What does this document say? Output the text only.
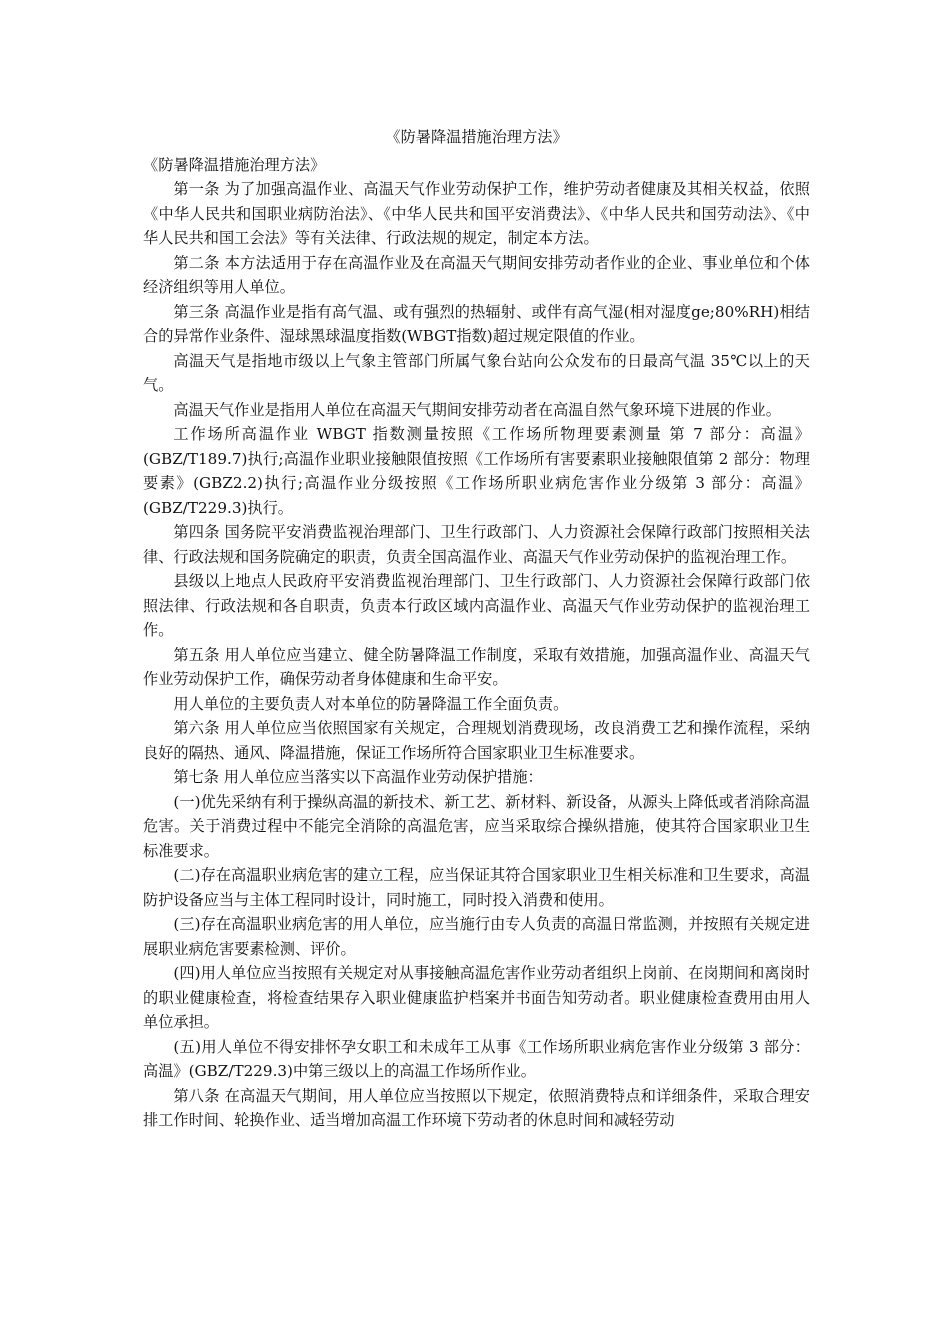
《防暑降温措施治理方法》
《防暑降温措施治理方法》

第一条 为了加强高温作业、高温天气作业劳动保护工作，维护劳动者健康及其相关权益，依照《中华人民共和国职业病防治法》、《中华人民共和国平安消费法》、《中华人民共和国劳动法》、《中华人民共和国工会法》等有关法律、行政法规的规定，制定本方法。

第二条 本方法适用于存在高温作业及在高温天气期间安排劳动者作业的企业、事业单位和个体经济组织等用人单位。

第三条 高温作业是指有高气温、或有强烈的热辐射、或伴有高气湿(相对湿度ge;80%RH)相结合的异常作业条件、湿球黑球温度指数(WBGT指数)超过规定限值的作业。

高温天气是指地市级以上气象主管部门所属气象台站向公众发布的日最高气温 35℃以上的天气。

高温天气作业是指用人单位在高温天气期间安排劳动者在高温自然气象环境下进展的作业。

工作场所高温作业 WBGT 指数测量按照《工作场所物理要素测量 第 7 部分：高温》(GBZ/T189.7)执行;高温作业职业接触限值按照《工作场所有害要素职业接触限值第 2 部分：物理要素》(GBZ2.2)执行;高温作业分级按照《工作场所职业病危害作业分级第 3 部分：高温》(GBZ/T229.3)执行。

第四条 国务院平安消费监视治理部门、卫生行政部门、人力资源社会保障行政部门按照相关法律、行政法规和国务院确定的职责，负责全国高温作业、高温天气作业劳动保护的监视治理工作。

县级以上地点人民政府平安消费监视治理部门、卫生行政部门、人力资源社会保障行政部门依照法律、行政法规和各自职责，负责本行政区域内高温作业、高温天气作业劳动保护的监视治理工作。

第五条 用人单位应当建立、健全防暑降温工作制度，采取有效措施，加强高温作业、高温天气作业劳动保护工作，确保劳动者身体健康和生命平安。

用人单位的主要负责人对本单位的防暑降温工作全面负责。

第六条 用人单位应当依照国家有关规定，合理规划消费现场，改良消费工艺和操作流程，采纳良好的隔热、通风、降温措施，保证工作场所符合国家职业卫生标准要求。

第七条 用人单位应当落实以下高温作业劳动保护措施：

(一)优先采纳有利于操纵高温的新技术、新工艺、新材料、新设备，从源头上降低或者消除高温危害。关于消费过程中不能完全消除的高温危害，应当采取综合操纵措施，使其符合国家职业卫生标准要求。

(二)存在高温职业病危害的建立工程，应当保证其符合国家职业卫生相关标准和卫生要求，高温防护设备应当与主体工程同时设计，同时施工，同时投入消费和使用。

(三)存在高温职业病危害的用人单位，应当施行由专人负责的高温日常监测，并按照有关规定进展职业病危害要素检测、评价。

(四)用人单位应当按照有关规定对从事接触高温危害作业劳动者组织上岗前、在岗期间和离岗时的职业健康检查，将检查结果存入职业健康监护档案并书面告知劳动者。职业健康检查费用由用人单位承担。

(五)用人单位不得安排怀孕女职工和未成年工从事《工作场所职业病危害作业分级第 3 部分：高温》(GBZ/T229.3)中第三级以上的高温工作场所作业。

第八条 在高温天气期间，用人单位应当按照以下规定，依照消费特点和详细条件，采取合理安排工作时间、轮换作业、适当增加高温工作环境下劳动者的休息时间和减轻劳动
